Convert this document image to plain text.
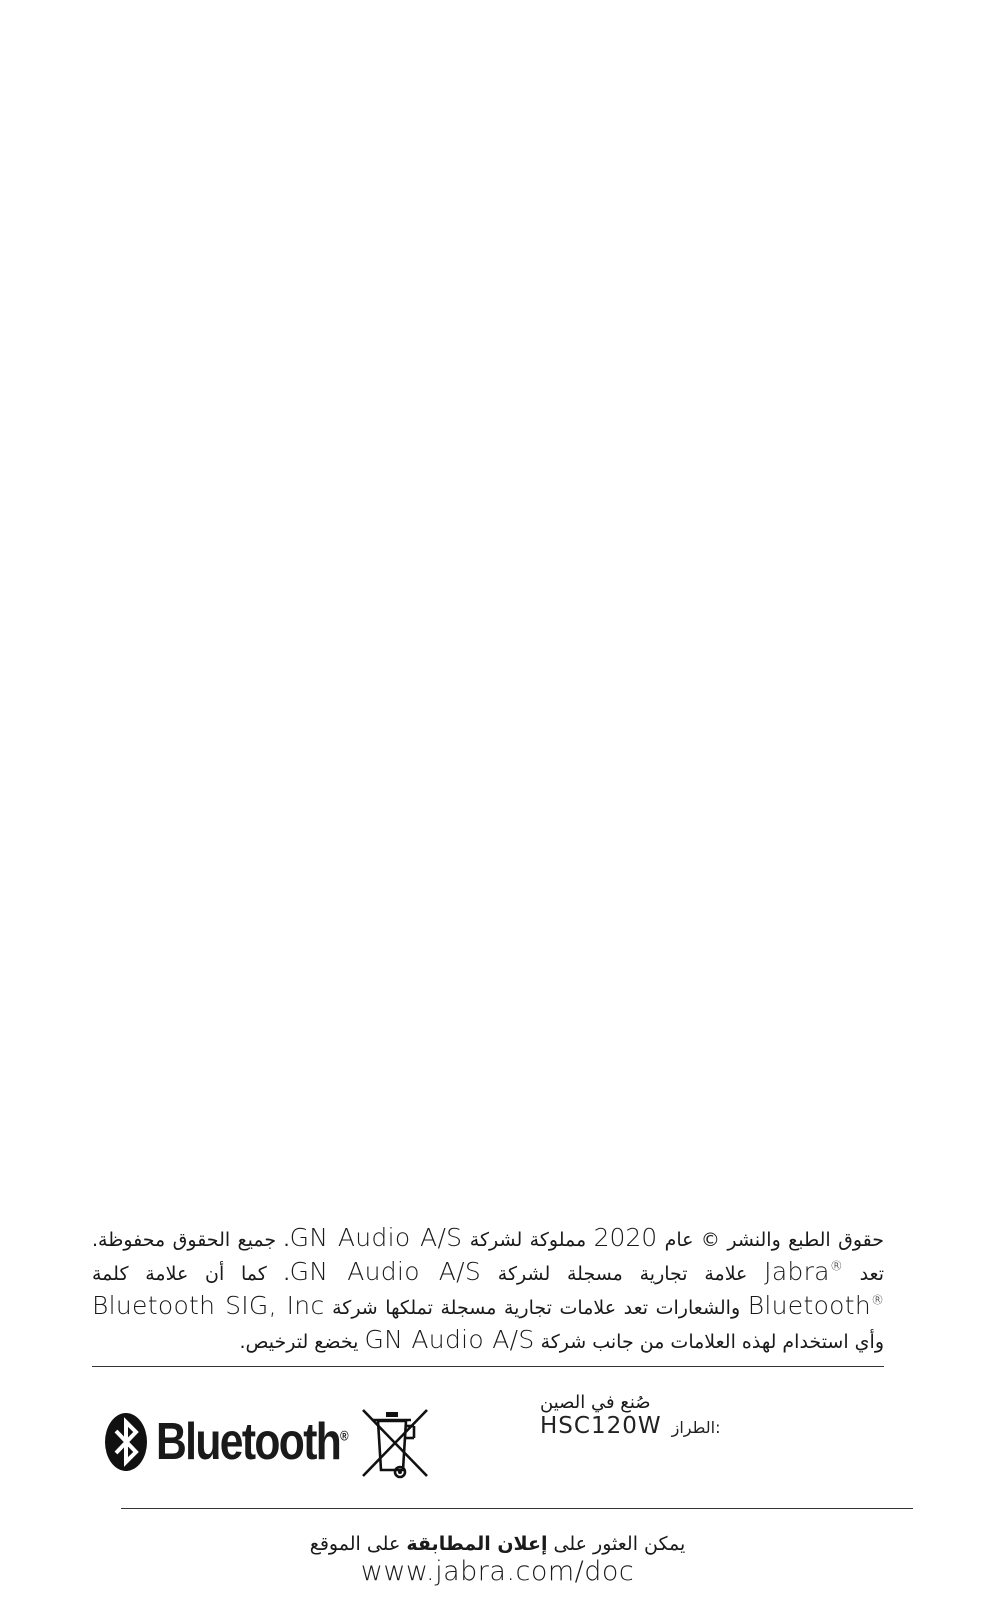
حقوق الطبع والنشر © عام 2020 مملوكة لشركة GN Audio A/S. جميع الحقوق محفوظة. تعد ®Jabra علامة تجارية مسجلة لشركة GN Audio A/S. كما أن علامة كلمة ®Bluetooth والشعارات تعد علامات تجارية مسجلة تملكها شركة Bluetooth SIG, Inc وأي استخدام لهذه العلامات من جانب شركة GN Audio A/S يخضع لترخيص.

Bluetooth®
صُنع في الصين
HSC120W الطراز:
يمكن العثور على إعلان المطابقة على الموقع
www.jabra.com/doc
